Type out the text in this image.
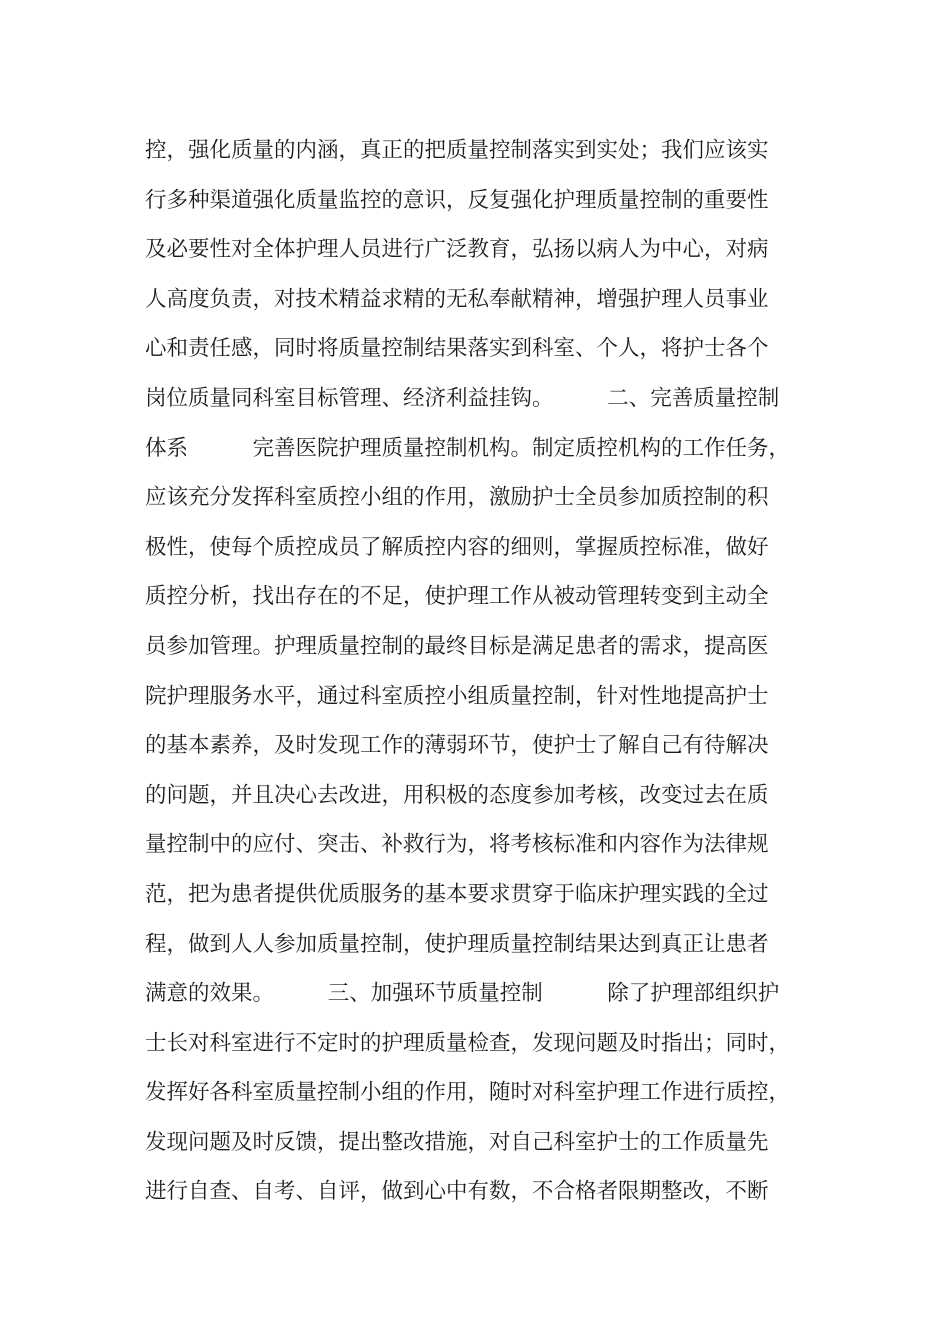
控，强化质量的内涵，真正的把质量控制落实到实处；我们应该实
行多种渠道强化质量监控的意识，反复强化护理质量控制的重要性
及必要性对全体护理人员进行广泛教育，弘扬以病人为中心，对病
人高度负责，对技术精益求精的无私奉献精神，增强护理人员事业
心和责任感，同时将质量控制结果落实到科室、个人，将护士各个
岗位质量同科室目标管理、经济利益挂钩。　　　二、完善质量控制
体系　　　完善医院护理质量控制机构。制定质控机构的工作任务，
应该充分发挥科室质控小组的作用，激励护士全员参加质控制的积
极性，使每个质控成员了解质控内容的细则，掌握质控标准，做好
质控分析，找出存在的不足，使护理工作从被动管理转变到主动全
员参加管理。护理质量控制的最终目标是满足患者的需求，提高医
院护理服务水平，通过科室质控小组质量控制，针对性地提高护士
的基本素养，及时发现工作的薄弱环节，使护士了解自己有待解决
的问题，并且决心去改进，用积极的态度参加考核，改变过去在质
量控制中的应付、突击、补救行为，将考核标准和内容作为法律规
范，把为患者提供优质服务的基本要求贯穿于临床护理实践的全过
程，做到人人参加质量控制，使护理质量控制结果达到真正让患者
满意的效果。　　　三、加强环节质量控制　　　除了护理部组织护
士长对科室进行不定时的护理质量检查，发现问题及时指出；同时，
发挥好各科室质量控制小组的作用，随时对科室护理工作进行质控，
发现问题及时反馈，提出整改措施，对自己科室护士的工作质量先
进行自查、自考、自评，做到心中有数，不合格者限期整改，不断
